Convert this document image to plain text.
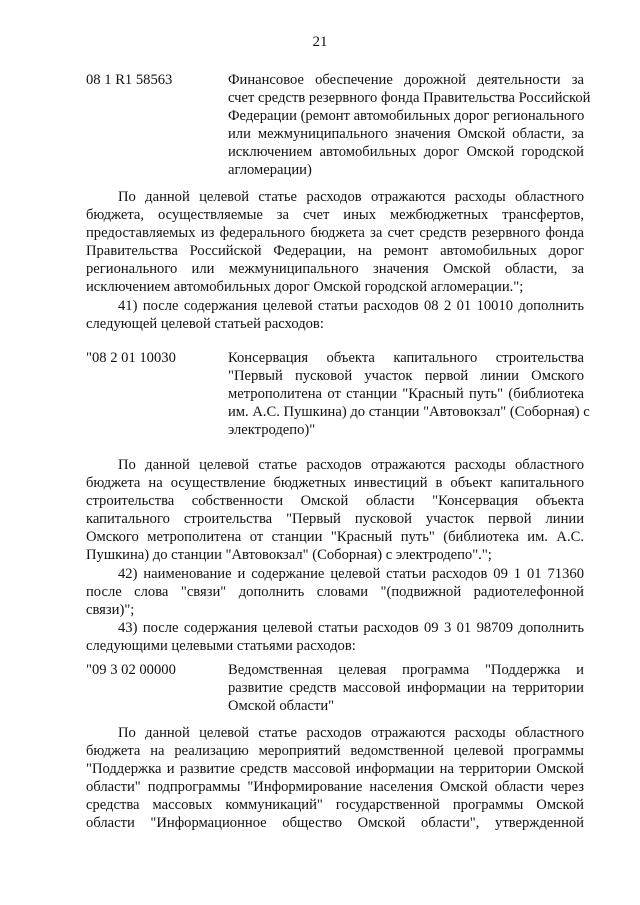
21
08 1 R1 58563	Финансовое обеспечение дорожной деятельности за
счет средств резервного фонда Правительства Российской
Федерации (ремонт автомобильных дорог регионального
или межмуниципального значения Омской области, за
исключением автомобильных дорог Омской городской
агломерации)
По данной целевой статье расходов отражаются расходы областного
бюджета, осуществляемые за счет иных межбюджетных трансфертов,
предоставляемых из федерального бюджета за счет средств резервного фонда
Правительства Российской Федерации, на ремонт автомобильных дорог
регионального или межмуниципального значения Омской области, за
исключением автомобильных дорог Омской городской агломерации.";
41) после содержания целевой статьи расходов 08 2 01 10010 дополнить
следующей целевой статьей расходов:
"08 2 01 10030	Консервация объекта капитального строительства
"Первый пусковой участок первой линии Омского
метрополитена от станции "Красный путь" (библиотека
им. А.С. Пушкина) до станции "Автовокзал" (Соборная) с
электродепо)"
По данной целевой статье расходов отражаются расходы областного
бюджета на осуществление бюджетных инвестиций в объект капитального
строительства собственности Омской области "Консервация объекта
капитального строительства "Первый пусковой участок первой линии
Омского метрополитена от станции "Красный путь" (библиотека им. А.С.
Пушкина) до станции "Автовокзал" (Соборная) с электродепо".";
42) наименование и содержание целевой статьи расходов 09 1 01 71360
после слова "связи" дополнить словами "(подвижной радиотелефонной
связи)";
43) после содержания целевой статьи расходов 09 3 01 98709 дополнить
следующими целевыми статьями расходов:
"09 3 02 00000	Ведомственная целевая программа "Поддержка и
развитие средств массовой информации на территории
Омской области"
По данной целевой статье расходов отражаются расходы областного
бюджета на реализацию мероприятий ведомственной целевой программы
"Поддержка и развитие средств массовой информации на территории Омской
области" подпрограммы "Информирование населения Омской области через
средства массовых коммуникаций" государственной программы Омской
области "Информационное общество Омской области", утвержденной
